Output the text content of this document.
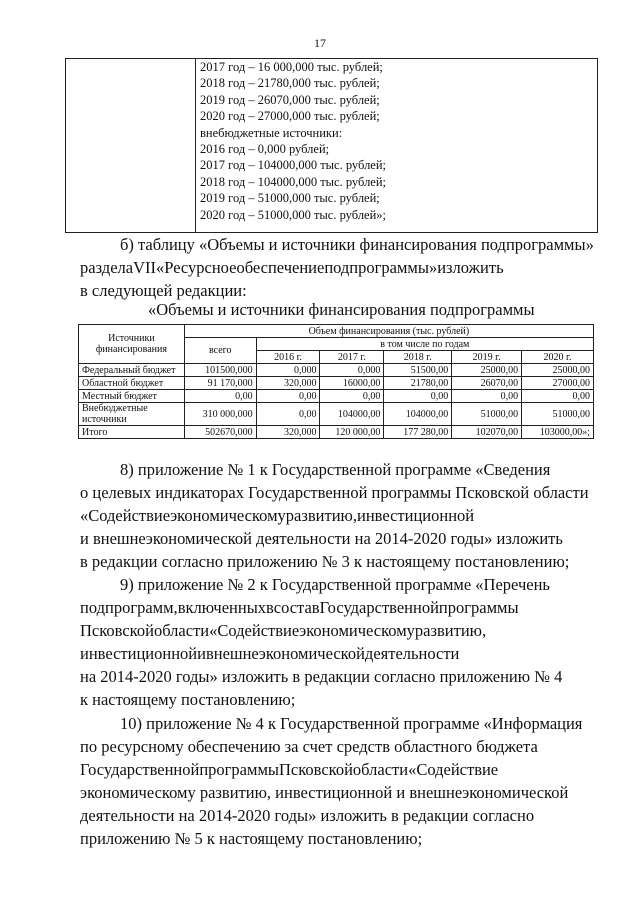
17
2017 год – 16 000,000 тыс. рублей;
2018 год – 21780,000 тыс. рублей;
2019 год – 26070,000 тыс. рублей;
2020 год – 27000,000 тыс. рублей;
внебюджетные источники:
2016 год – 0,000 рублей;
2017 год – 104000,000 тыс. рублей;
2018 год – 104000,000 тыс. рублей;
2019 год – 51000,000 тыс. рублей;
2020 год – 51000,000 тыс. рублей»;
б) таблицу «Объемы и источники финансирования подпрограммы»
разделаVII«Ресурсноеобеспечениеподпрограммы»изложить
в следующей редакции:
«Объемы и источники финансирования подпрограммы
Источники финансирования	Объем финансирования (тыс. рублей)					
	всего	в том числе по годам				
		2016 г.	2017 г.	2018 г.	2019 г.	2020 г.
Федеральный бюджет	101500,000	0,000	0,000	51500,00	25000,00	25000,00
Областной бюджет	91 170,000	320,000	16000,00	21780,00	26070,00	27000,00
Местный бюджет	0,00	0,00	0,00	0,00	0,00	0,00
Внебюджетные источники	310 000,000	0,00	104000,00	104000,00	51000,00	51000,00
Итого	502670,000	320,000	120 000,00	177 280,00	102070,00	103000,00»;
8) приложение № 1 к Государственной программе «Сведения
о целевых индикаторах Государственной программы Псковской области
«Содействиеэкономическомуразвитию,инвестиционной
и внешнеэкономической деятельности на 2014-2020 годы» изложить
в редакции согласно приложению № 3 к настоящему постановлению;
9) приложение № 2 к Государственной программе «Перечень
подпрограмм,включенныхвсоставГосударственнойпрограммы
Псковскойобласти«Содействиеэкономическомуразвитию,
инвестиционнойивнешнеэкономическойдеятельности
на 2014-2020 годы» изложить в редакции согласно приложению № 4
к настоящему постановлению;
10) приложение № 4 к Государственной программе «Информация
по ресурсному обеспечению за счет средств областного бюджета
ГосударственнойпрограммыПсковскойобласти«Содействие
экономическому развитию, инвестиционной и внешнеэкономической
деятельности на 2014-2020 годы» изложить в редакции согласно
приложению № 5 к настоящему постановлению;
